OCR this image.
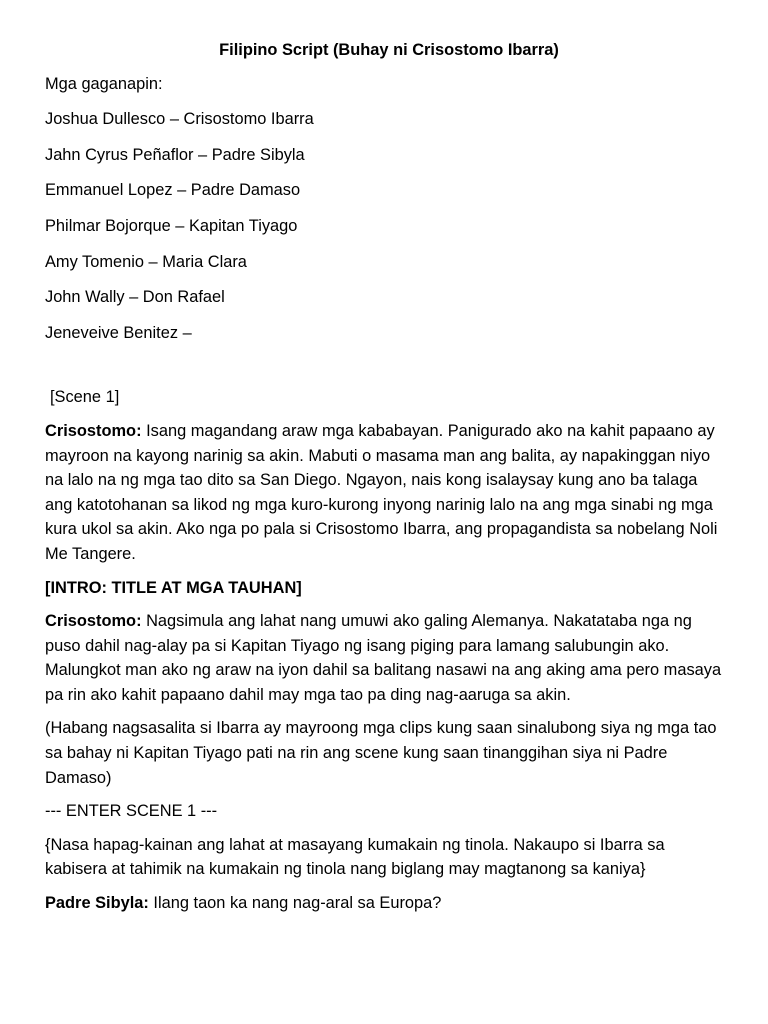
Filipino Script (Buhay ni Crisostomo Ibarra)
Mga gaganapin:
Joshua Dullesco – Crisostomo Ibarra
Jahn Cyrus Peñaflor – Padre Sibyla
Emmanuel Lopez – Padre Damaso
Philmar Bojorque – Kapitan Tiyago
Amy Tomenio – Maria Clara
John Wally – Don Rafael
Jeneveive Benitez –
[Scene 1]

Crisostomo: Isang magandang araw mga kababayan. Panigurado ako na kahit papaano ay mayroon na kayong narinig sa akin. Mabuti o masama man ang balita, ay napakinggan niyo na lalo na ng mga tao dito sa San Diego. Ngayon, nais kong isalaysay kung ano ba talaga ang katotohanan sa likod ng mga kuro-kurong inyong narinig lalo na ang mga sinabi ng mga kura ukol sa akin. Ako nga po pala si Crisostomo Ibarra, ang propagandista sa nobelang Noli Me Tangere.

[INTRO: TITLE AT MGA TAUHAN]

Crisostomo: Nagsimula ang lahat nang umuwi ako galing Alemanya. Nakatataba nga ng puso dahil nag-alay pa si Kapitan Tiyago ng isang piging para lamang salubungin ako. Malungkot man ako ng araw na iyon dahil sa balitang nasawi na ang aking ama pero masaya pa rin ako kahit papaano dahil may mga tao pa ding nag-aaruga sa akin.

(Habang nagsasalita si Ibarra ay mayroong mga clips kung saan sinalubong siya ng mga tao sa bahay ni Kapitan Tiyago pati na rin ang scene kung saan tinanggihan siya ni Padre Damaso)

--- ENTER SCENE 1 ---

{Nasa hapag-kainan ang lahat at masayang kumakain ng tinola. Nakaupo si Ibarra sa kabisera at tahimik na kumakain ng tinola nang biglang may magtanong sa kaniya}

Padre Sibyla: Ilang taon ka nang nag-aral sa Europa?
